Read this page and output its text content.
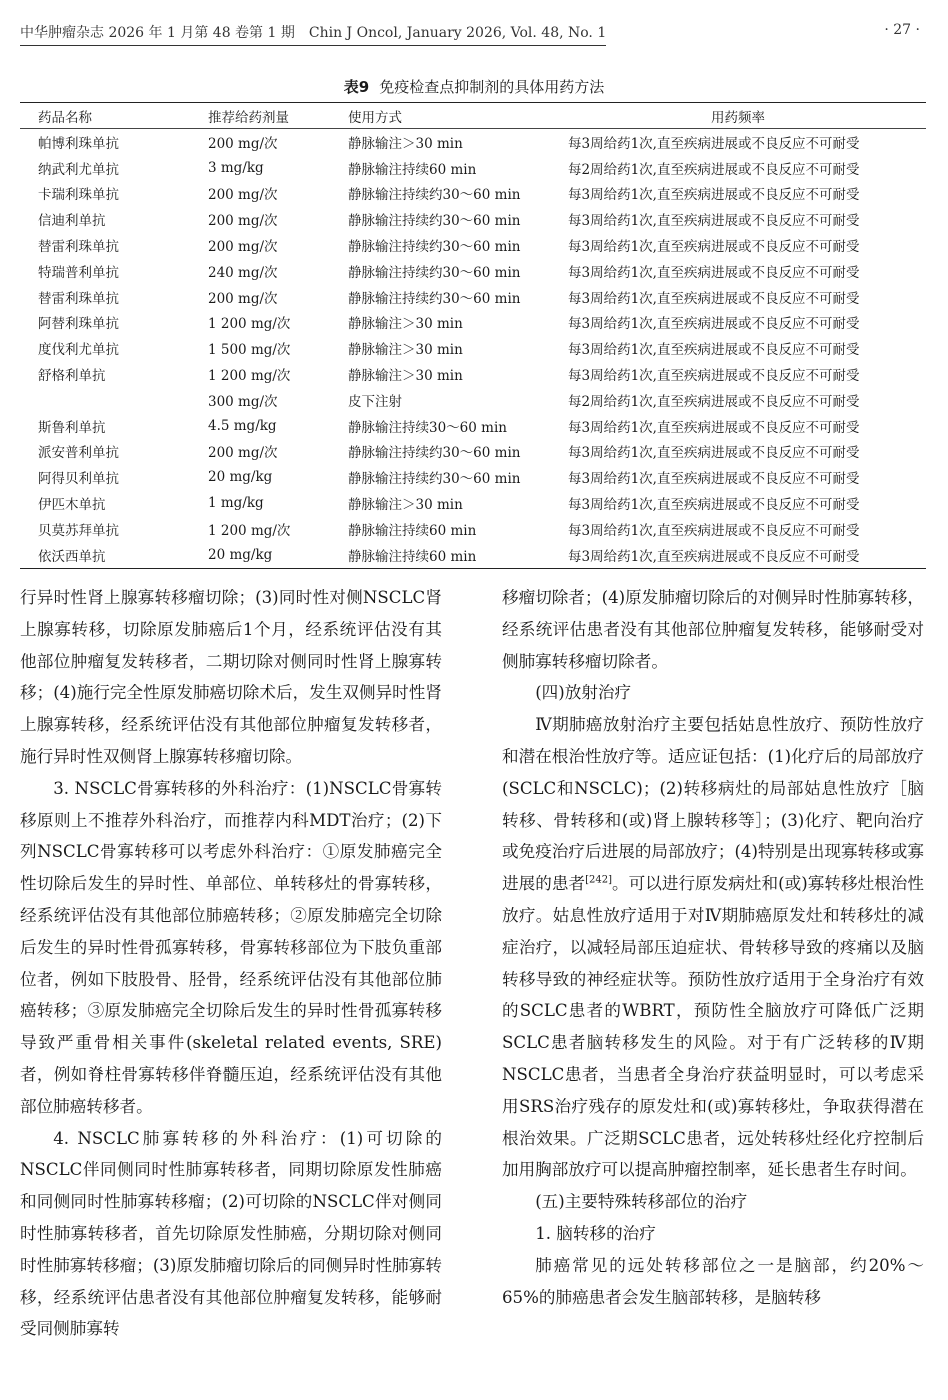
中华肿瘤杂志 2026 年 1 月第 48 卷第 1 期　Chin J Oncol, January 2026, Vol. 48, No. 1	· 27 ·
表9 免疫检查点抑制剂的具体用药方法
药品名称	推荐给药剂量	使用方式	用药频率
帕博利珠单抗	200 mg/次	静脉输注＞30 min	每3周给药1次,直至疾病进展或不良反应不可耐受
纳武利尤单抗	3 mg/kg	静脉输注持续60 min	每2周给药1次,直至疾病进展或不良反应不可耐受
卡瑞利珠单抗	200 mg/次	静脉输注持续约30～60 min	每3周给药1次,直至疾病进展或不良反应不可耐受
信迪利单抗	200 mg/次	静脉输注持续约30～60 min	每3周给药1次,直至疾病进展或不良反应不可耐受
替雷利珠单抗	200 mg/次	静脉输注持续约30～60 min	每3周给药1次,直至疾病进展或不良反应不可耐受
特瑞普利单抗	240 mg/次	静脉输注持续约30～60 min	每3周给药1次,直至疾病进展或不良反应不可耐受
替雷利珠单抗	200 mg/次	静脉输注持续约30～60 min	每3周给药1次,直至疾病进展或不良反应不可耐受
阿替利珠单抗	1 200 mg/次	静脉输注＞30 min	每3周给药1次,直至疾病进展或不良反应不可耐受
度伐利尤单抗	1 500 mg/次	静脉输注＞30 min	每3周给药1次,直至疾病进展或不良反应不可耐受
舒格利单抗	1 200 mg/次	静脉输注＞30 min	每3周给药1次,直至疾病进展或不良反应不可耐受
	300 mg/次	皮下注射	每2周给药1次,直至疾病进展或不良反应不可耐受
斯鲁利单抗	4.5 mg/kg	静脉输注持续30～60 min	每3周给药1次,直至疾病进展或不良反应不可耐受
派安普利单抗	200 mg/次	静脉输注持续约30～60 min	每3周给药1次,直至疾病进展或不良反应不可耐受
阿得贝利单抗	20 mg/kg	静脉输注持续约30～60 min	每3周给药1次,直至疾病进展或不良反应不可耐受
伊匹木单抗	1 mg/kg	静脉输注＞30 min	每3周给药1次,直至疾病进展或不良反应不可耐受
贝莫苏拜单抗	1 200 mg/次	静脉输注持续60 min	每3周给药1次,直至疾病进展或不良反应不可耐受
依沃西单抗	20 mg/kg	静脉输注持续60 min	每3周给药1次,直至疾病进展或不良反应不可耐受

行异时性肾上腺寡转移瘤切除；(3)同时性对侧NSCLC肾上腺寡转移，切除原发肺癌后1个月，经系统评估没有其他部位肿瘤复发转移者，二期切除对侧同时性肾上腺寡转移；(4)施行完全性原发肺癌切除术后，发生双侧异时性肾上腺寡转移，经系统评估没有其他部位肿瘤复发转移者，施行异时性双侧肾上腺寡转移瘤切除。

3. NSCLC骨寡转移的外科治疗：(1)NSCLC骨寡转移原则上不推荐外科治疗，而推荐内科MDT治疗；(2)下列NSCLC骨寡转移可以考虑外科治疗：①原发肺癌完全性切除后发生的异时性、单部位、单转移灶的骨寡转移，经系统评估没有其他部位肺癌转移；②原发肺癌完全切除后发生的异时性骨孤寡转移，骨寡转移部位为下肢负重部位者，例如下肢股骨、胫骨，经系统评估没有其他部位肺癌转移；③原发肺癌完全切除后发生的异时性骨孤寡转移导致严重骨相关事件(skeletal related events, SRE)者，例如脊柱骨寡转移伴脊髓压迫，经系统评估没有其他部位肺癌转移者。

4. NSCLC肺寡转移的外科治疗：(1)可切除的NSCLC伴同侧同时性肺寡转移者，同期切除原发性肺癌和同侧同时性肺寡转移瘤；(2)可切除的NSCLC伴对侧同时性肺寡转移者，首先切除原发性肺癌，分期切除对侧同时性肺寡转移瘤；(3)原发肺瘤切除后的同侧异时性肺寡转移，经系统评估患者没有其他部位肿瘤复发转移，能够耐受同侧肺寡转

移瘤切除者；(4)原发肺瘤切除后的对侧异时性肺寡转移，经系统评估患者没有其他部位肿瘤复发转移，能够耐受对侧肺寡转移瘤切除者。

(四)放射治疗

Ⅳ期肺癌放射治疗主要包括姑息性放疗、预防性放疗和潜在根治性放疗等。适应证包括：(1)化疗后的局部放疗(SCLC和NSCLC)；(2)转移病灶的局部姑息性放疗［脑转移、骨转移和(或)肾上腺转移等］；(3)化疗、靶向治疗或免疫治疗后进展的局部放疗；(4)特别是出现寡转移或寡进展的患者[242]。可以进行原发病灶和(或)寡转移灶根治性放疗。姑息性放疗适用于对Ⅳ期肺癌原发灶和转移灶的减症治疗，以减轻局部压迫症状、骨转移导致的疼痛以及脑转移导致的神经症状等。预防性放疗适用于全身治疗有效的SCLC患者的WBRT，预防性全脑放疗可降低广泛期SCLC患者脑转移发生的风险。对于有广泛转移的Ⅳ期NSCLC患者，当患者全身治疗获益明显时，可以考虑采用SRS治疗残存的原发灶和(或)寡转移灶，争取获得潜在根治效果。广泛期SCLC患者，远处转移灶经化疗控制后加用胸部放疗可以提高肿瘤控制率，延长患者生存时间。

(五)主要特殊转移部位的治疗

1. 脑转移的治疗

肺癌常见的远处转移部位之一是脑部，约20%～65%的肺癌患者会发生脑部转移，是脑转移
